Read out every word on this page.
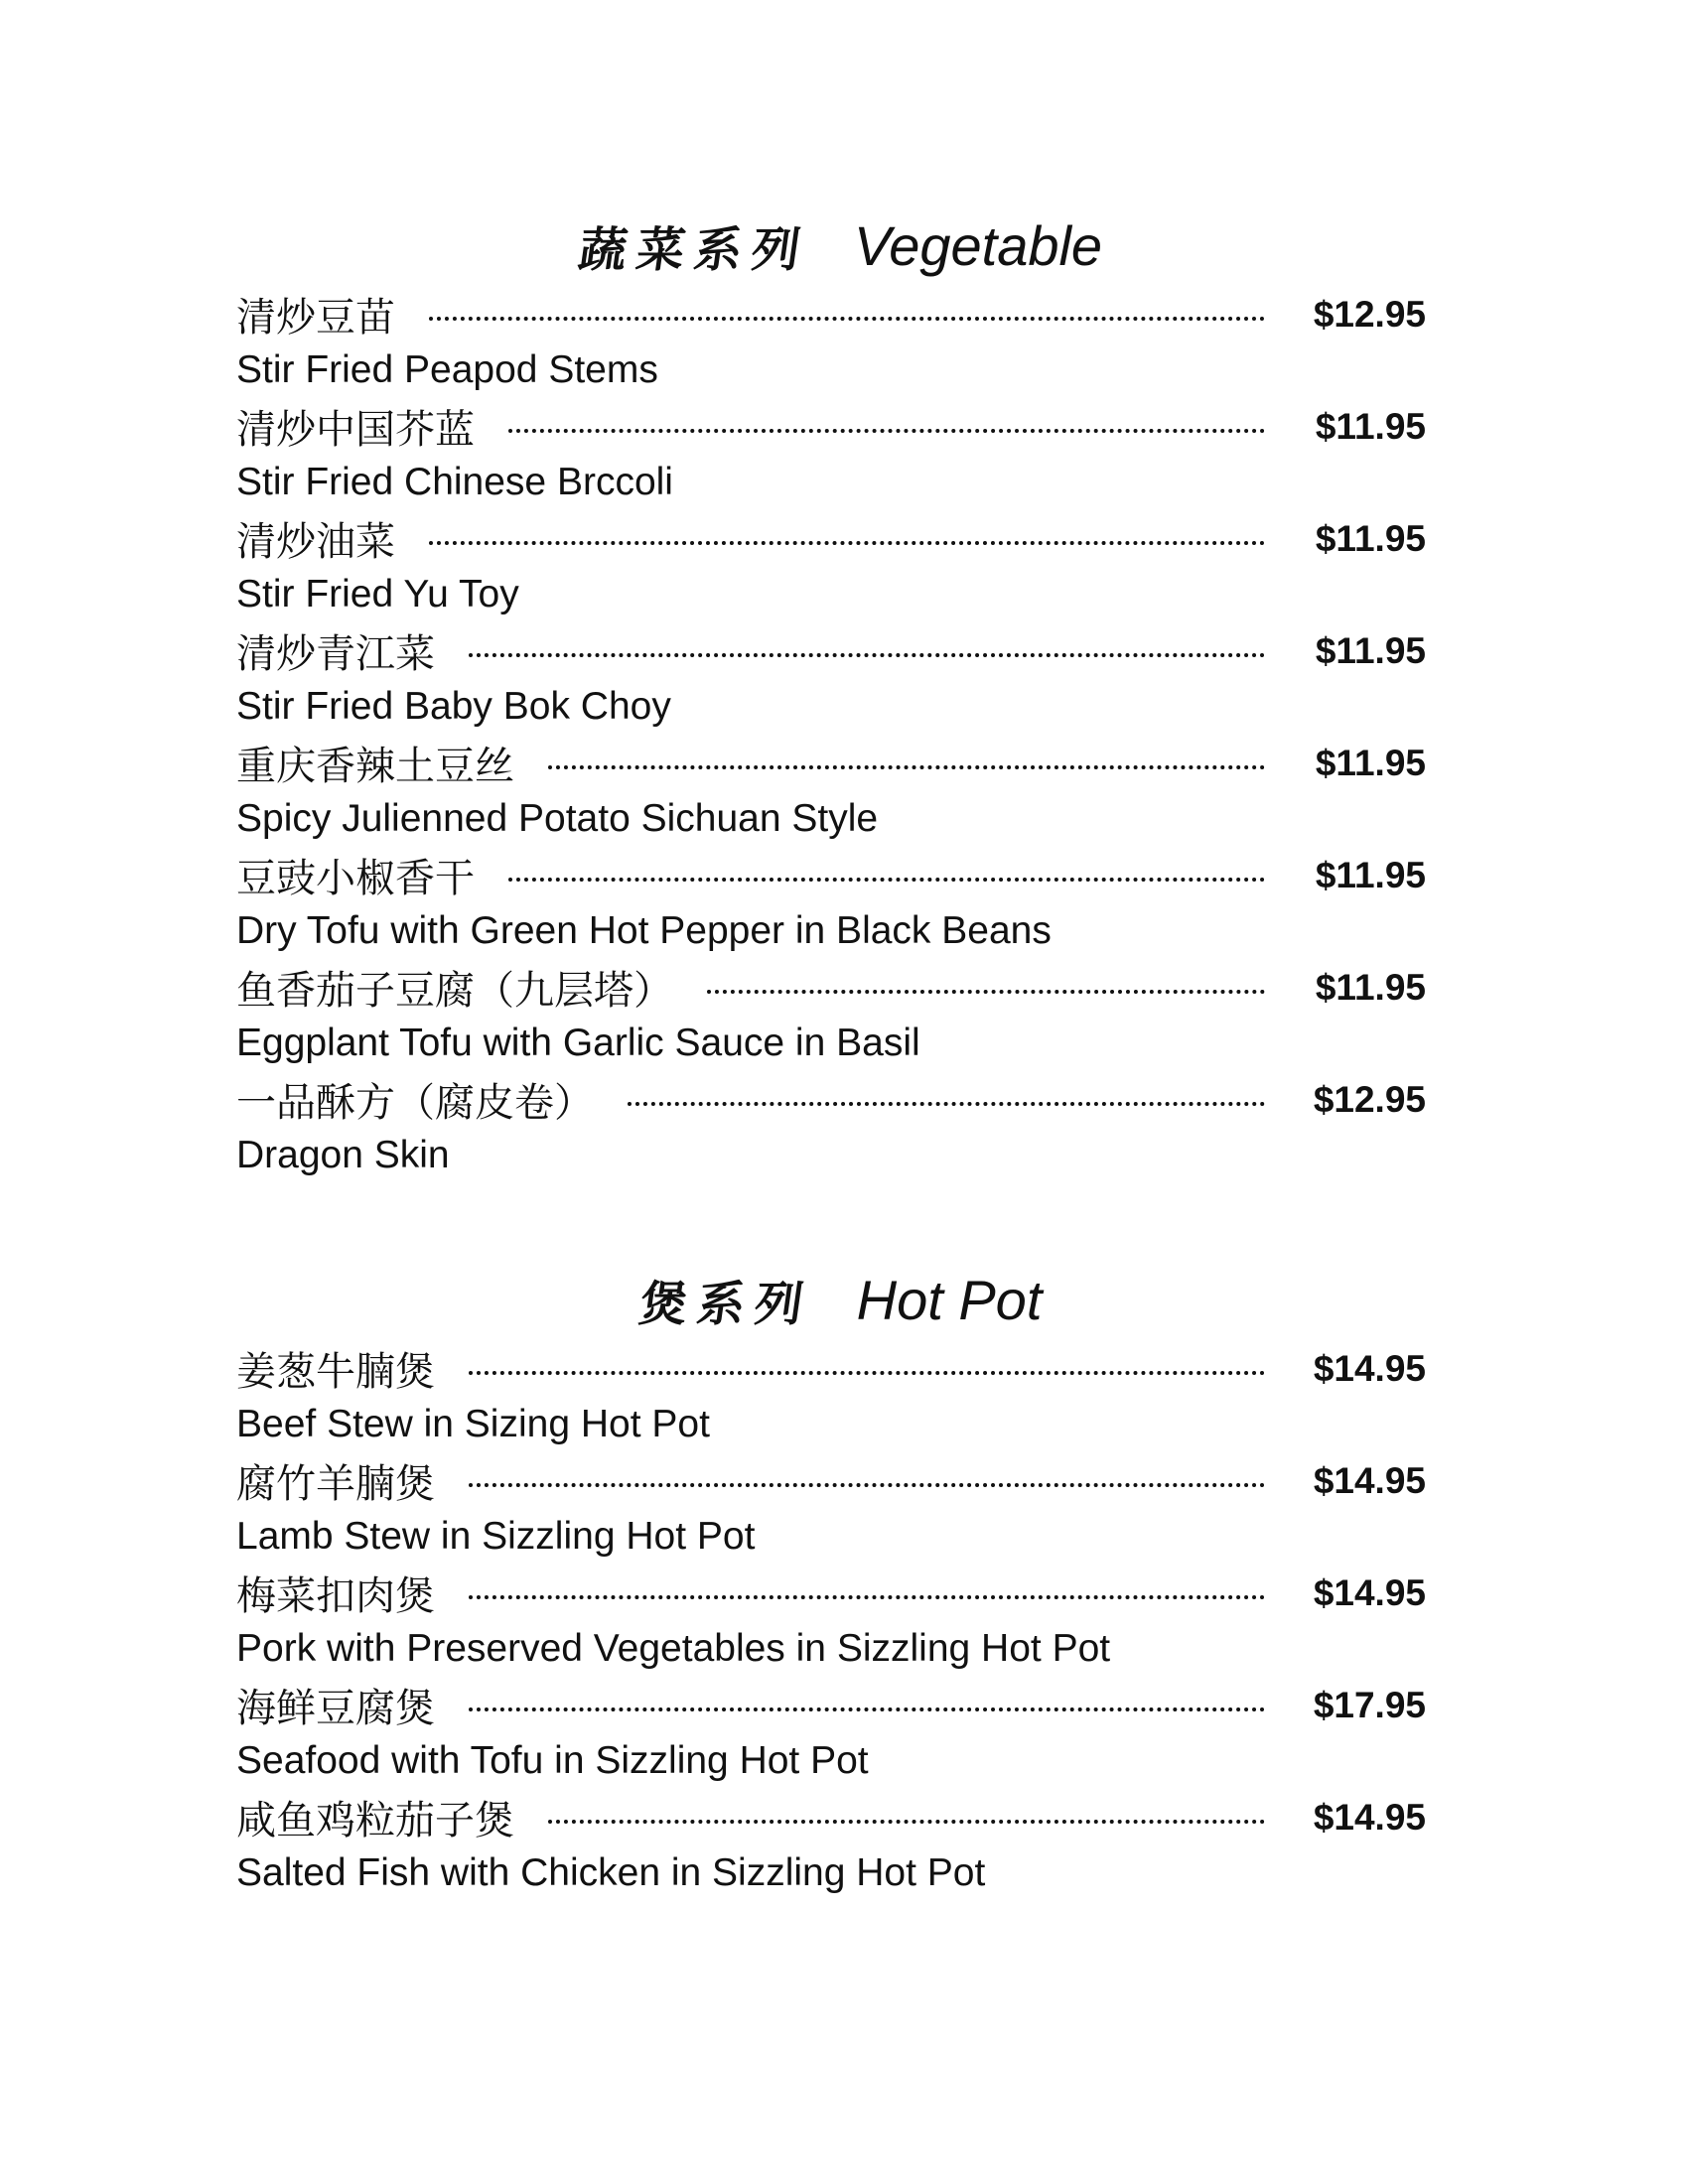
蔬菜系列 Vegetable
清炒豆苗	$12.95
Stir Fried Peapod Stems
清炒中国芥蓝	$11.95
Stir Fried Chinese Brccoli
清炒油菜	$11.95
Stir Fried Yu Toy
清炒青江菜	$11.95
Stir Fried Baby Bok Choy
重庆香辣土豆丝	$11.95
Spicy Julienned Potato Sichuan Style
豆豉小椒香干	$11.95
Dry Tofu with Green Hot Pepper in Black Beans
鱼香茄子豆腐（九层塔）	$11.95
Eggplant Tofu with Garlic Sauce in Basil
一品酥方（腐皮卷）	$12.95
Dragon Skin
煲系列 Hot Pot
姜葱牛腩煲	$14.95
Beef Stew in Sizing Hot Pot
腐竹羊腩煲	$14.95
Lamb Stew in Sizzling Hot Pot
梅菜扣肉煲	$14.95
Pork with Preserved Vegetables in Sizzling Hot Pot
海鲜豆腐煲	$17.95
Seafood with Tofu in Sizzling Hot Pot
咸鱼鸡粒茄子煲	$14.95
Salted Fish with Chicken in Sizzling Hot Pot
